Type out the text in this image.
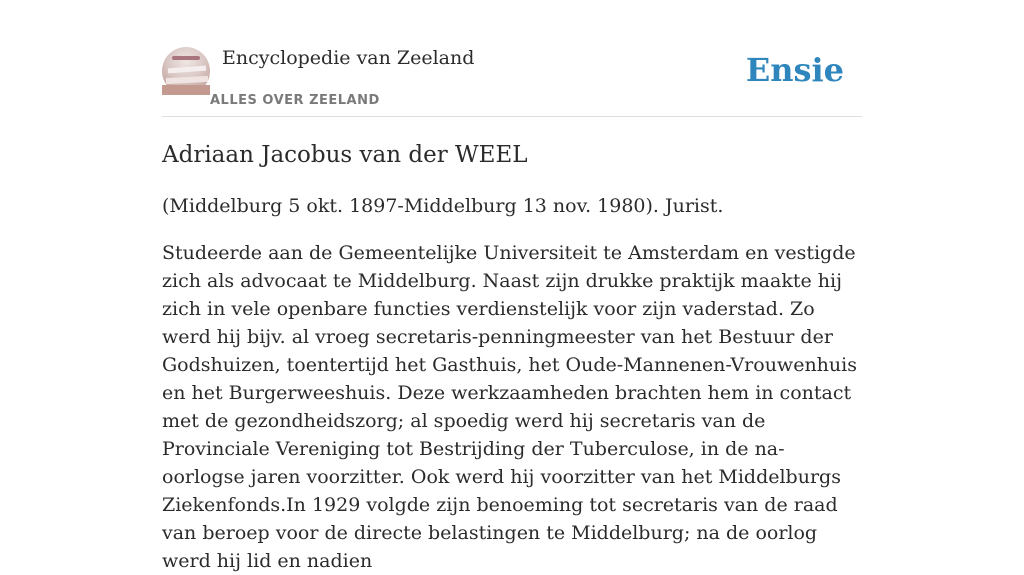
Encyclopedie van Zeeland
ALLES OVER ZEELAND
Ensie
Adriaan Jacobus van der WEEL

(Middelburg 5 okt. 1897-Middelburg 13 nov. 1980). Jurist.

Studeerde aan de Gemeentelijke Universiteit te Amsterdam en vestigde zich als advocaat te Middelburg. Naast zijn drukke praktijk maakte hij zich in vele openbare functies verdienstelijk voor zijn vaderstad. Zo werd hij bijv. al vroeg secretaris-penningmeester van het Bestuur der Godshuizen, toentertijd het Gasthuis, het Oude-Mannenen-Vrouwenhuis en het Burgerweeshuis. Deze werkzaamheden brachten hem in contact met de gezondheidszorg; al spoedig werd hij secretaris van de Provinciale Vereniging tot Bestrijding der Tuberculose, in de na-oorlogse jaren voorzitter. Ook werd hij voorzitter van het Middelburgs Ziekenfonds.In 1929 volgde zijn benoeming tot secretaris van de raad van beroep voor de directe belastingen te Middelburg; na de oorlog werd hij lid en nadien
